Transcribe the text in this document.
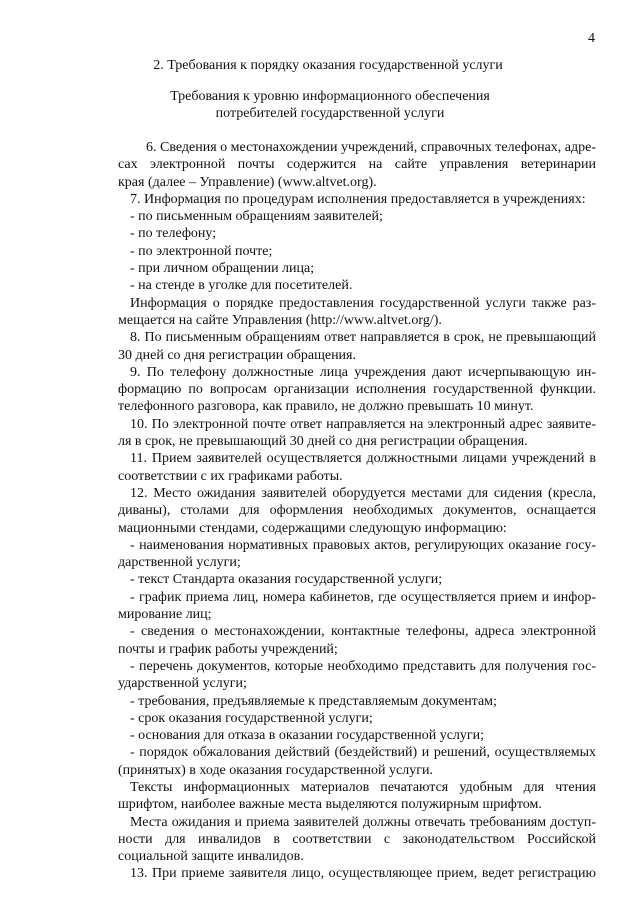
4
2. Требования к порядку оказания государственной услуги
Требования к уровню информационного обеспечения
потребителей государственной услуги
6. Сведения о местонахождении учреждений, справочных телефонах, адре-
сах электронной почты содержится на сайте управления ветеринарии
края (далее – Управление) (www.altvet.org).
7. Информация по процедурам исполнения предоставляется в учреждениях:
- по письменным обращениям заявителей;
- по телефону;
- по электронной почте;
- при личном обращении лица;
- на стенде в уголке для посетителей.
Информация о порядке предоставления государственной услуги также раз-
мещается на сайте Управления (http://www.altvet.org/).
8. По письменным обращениям ответ направляется в срок, не превышающий
30 дней со дня регистрации обращения.
9. По телефону должностные лица учреждения дают исчерпывающую ин-
формацию по вопросам организации исполнения государственной функции.
телефонного разговора, как правило, не должно превышать 10 минут.
10. По электронной почте ответ направляется на электронный адрес заявите-
ля в срок, не превышающий 30 дней со дня регистрации обращения.
11. Прием заявителей осуществляется должностными лицами учреждений в
соответствии с их графиками работы.
12. Место ожидания заявителей оборудуется местами для сидения (кресла,
диваны), столами для оформления необходимых документов, оснащается
мационными стендами, содержащими следующую информацию:
- наименования нормативных правовых актов, регулирующих оказание госу-
дарственной услуги;
- текст Стандарта оказания государственной услуги;
- график приема лиц, номера кабинетов, где осуществляется прием и инфор-
мирование лиц;
- сведения о местонахождении, контактные телефоны, адреса электронной
почты и график работы учреждений;
- перечень документов, которые необходимо представить для получения гос-
ударственной услуги;
- требования, предъявляемые к представляемым документам;
- срок оказания государственной услуги;
- основания для отказа в оказании государственной услуги;
- порядок обжалования действий (бездействий) и решений, осуществляемых
(принятых) в ходе оказания государственной услуги.
Тексты информационных материалов печатаются удобным для чтения
шрифтом, наиболее важные места выделяются полужирным шрифтом.
Места ожидания и приема заявителей должны отвечать требованиям доступ-
ности для инвалидов в соответствии с законодательством Российской
социальной защите инвалидов.
13. При приеме заявителя лицо, осуществляющее прием, ведет регистрацию
